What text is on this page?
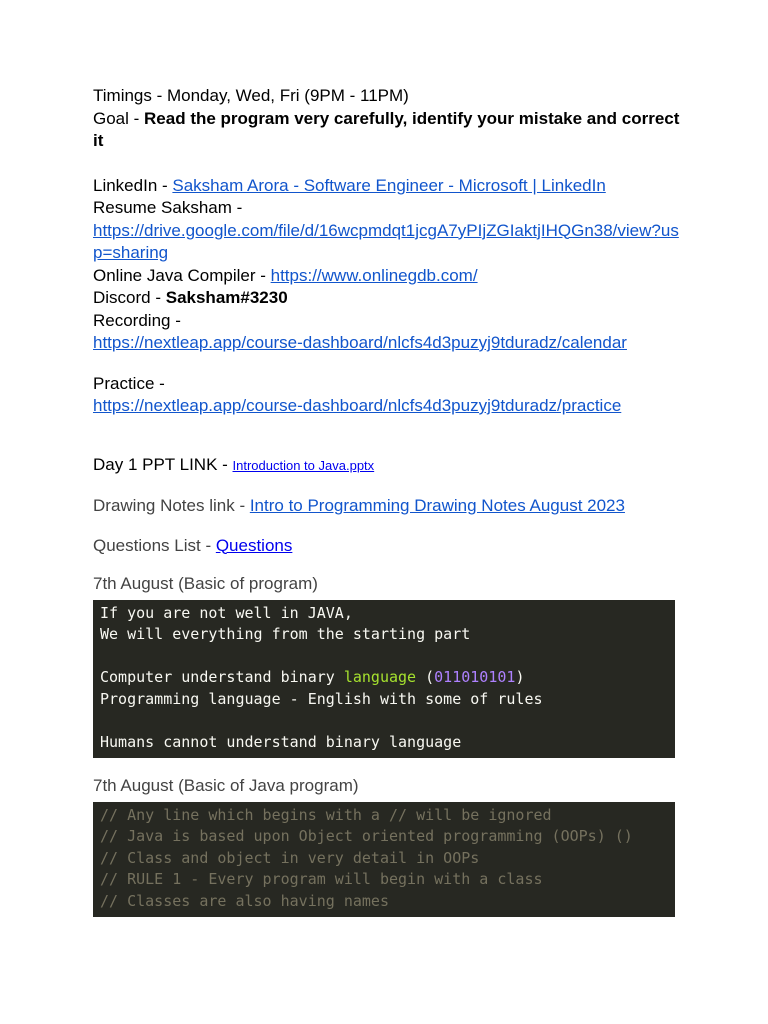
Timings - Monday, Wed, Fri (9PM - 11PM)
Goal - Read the program very carefully, identify your mistake and correct it
LinkedIn - Saksham Arora - Software Engineer - Microsoft | LinkedIn
Resume Saksham -
https://drive.google.com/file/d/16wcpmdqt1jcgA7yPIjZGIaktjIHQGn38/view?usp=sharing
Online Java Compiler - https://www.onlinegdb.com/
Discord - Saksham#3230
Recording -
https://nextleap.app/course-dashboard/nlcfs4d3puzyj9tduradz/calendar
Practice -
https://nextleap.app/course-dashboard/nlcfs4d3puzyj9tduradz/practice
Day 1 PPT LINK - Introduction to Java.pptx
Drawing Notes link - Intro to Programming Drawing Notes August 2023
Questions List - Questions
7th August (Basic of program)
If you are not well in JAVA,
We will everything from the starting part

Computer understand binary language (011010101)
Programming language - English with some of rules

Humans cannot understand binary language
7th August (Basic of Java program)
// Any line which begins with a // will be ignored
// Java is based upon Object oriented programming (OOPs) ()
// Class and object in very detail in OOPs
// RULE 1 - Every program will begin with a class
// Classes are also having names
